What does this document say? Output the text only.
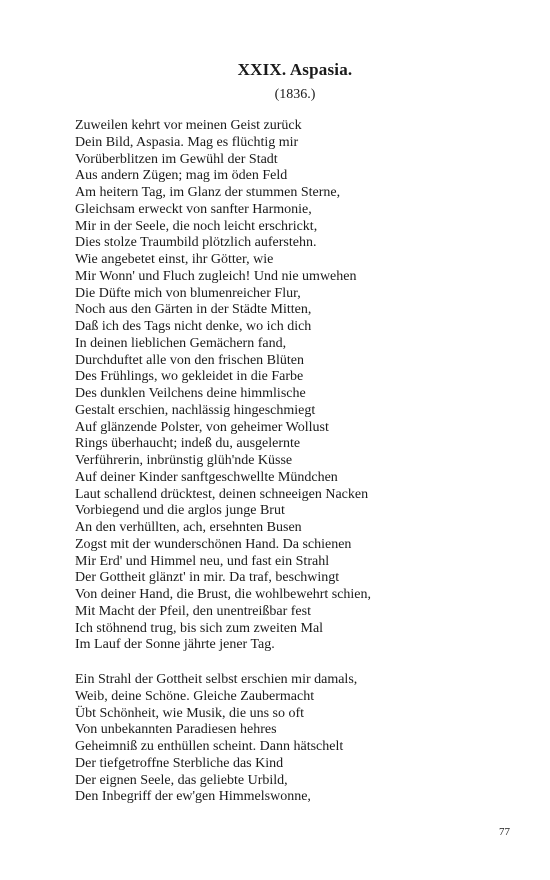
XXIX. Aspasia.
(1836.)
Zuweilen kehrt vor meinen Geist zurück
Dein Bild, Aspasia. Mag es flüchtig mir
Vorüberblitzen im Gewühl der Stadt
Aus andern Zügen; mag im öden Feld
Am heitern Tag, im Glanz der stummen Sterne,
Gleichsam erweckt von sanfter Harmonie,
Mir in der Seele, die noch leicht erschrickt,
Dies stolze Traumbild plötzlich auferstehn.
Wie angebetet einst, ihr Götter, wie
Mir Wonn' und Fluch zugleich! Und nie umwehen
Die Düfte mich von blumenreicher Flur,
Noch aus den Gärten in der Städte Mitten,
Daß ich des Tags nicht denke, wo ich dich
In deinen lieblichen Gemächern fand,
Durchduftet alle von den frischen Blüten
Des Frühlings, wo gekleidet in die Farbe
Des dunklen Veilchens deine himmlische
Gestalt erschien, nachlässig hingeschmiegt
Auf glänzende Polster, von geheimer Wollust
Rings überhaucht; indeß du, ausgelernte
Verführerin, inbrünstig glüh'nde Küsse
Auf deiner Kinder sanftgeschwellte Mündchen
Laut schallend drücktest, deinen schneeigen Nacken
Vorbiegend und die arglos junge Brut
An den verhüllten, ach, ersehnten Busen
Zogst mit der wunderschönen Hand. Da schienen
Mir Erd' und Himmel neu, und fast ein Strahl
Der Gottheit glänzt' in mir. Da traf, beschwingt
Von deiner Hand, die Brust, die wohlbewehrt schien,
Mit Macht der Pfeil, den unentreißbar fest
Ich stöhnend trug, bis sich zum zweiten Mal
Im Lauf der Sonne jährte jener Tag.
Ein Strahl der Gottheit selbst erschien mir damals,
Weib, deine Schöne. Gleiche Zaubermacht
Übt Schönheit, wie Musik, die uns so oft
Von unbekannten Paradiesen hehres
Geheimniß zu enthüllen scheint. Dann hätschelt
Der tiefgetroffne Sterbliche das Kind
Der eignen Seele, das geliebte Urbild,
Den Inbegriff der ew'gen Himmelswonne,
77
